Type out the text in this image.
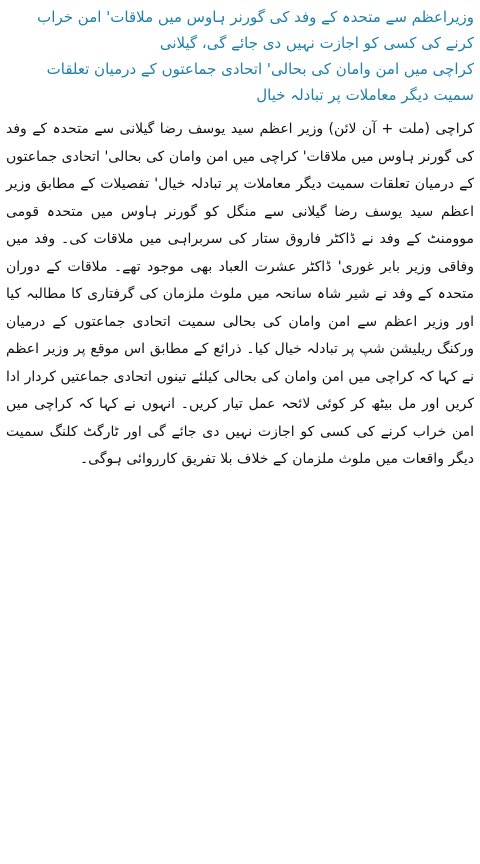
وزیراعظم سے متحدہ کے وفد کی گورنر ہاوس میں ملاقات' امن خراب کرنے کی کسی کو اجازت نہیں دی جائے گی، گیلانی
کراچی میں امن وامان کی بحالی' اتحادی جماعتوں کے درمیان تعلقات سمیت دیگر معاملات پر تبادلہ خیال

کراچی (ملت + آن لائن) وزیر اعظم سید یوسف رضا گیلانی سے متحدہ کے وفد کی گورنر ہاوس میں ملاقات' کراچی میں امن وامان کی بحالی' اتحادی جماعتوں کے درمیان تعلقات سمیت دیگر معاملات پر تبادلہ خیال' تفصیلات کے مطابق وزیر اعظم سید یوسف رضا گیلانی سے منگل کو گورنر ہاوس میں متحدہ قومی موومنٹ کے وفد نے ڈاکٹر فاروق ستار کی سربراہی میں ملاقات کی۔ وفد میں وفاقی وزیر بابر غوری' ڈاکٹر عشرت العباد بھی موجود تھے۔ ملاقات کے دوران متحدہ کے وفد نے شیر شاہ سانحہ میں ملوث ملزمان کی گرفتاری کا مطالبہ کیا اور وزیر اعظم سے امن وامان کی بحالی سمیت اتحادی جماعتوں کے درمیان ورکنگ ریلیشن شپ پر تبادلہ خیال کیا۔ ذرائع کے مطابق اس موقع پر وزیر اعظم نے کہا کہ کراچی میں امن وامان کی بحالی کیلئے تینوں اتحادی جماعتیں کردار ادا کریں اور مل بیٹھ کر کوئی لائحہ عمل تیار کریں۔ انہوں نے کہا کہ کراچی میں امن خراب کرنے کی کسی کو اجازت نہیں دی جائے گی اور ٹارگٹ کلنگ سمیت دیگر واقعات میں ملوث ملزمان کے خلاف بلا تفریق کارروائی ہوگی۔
